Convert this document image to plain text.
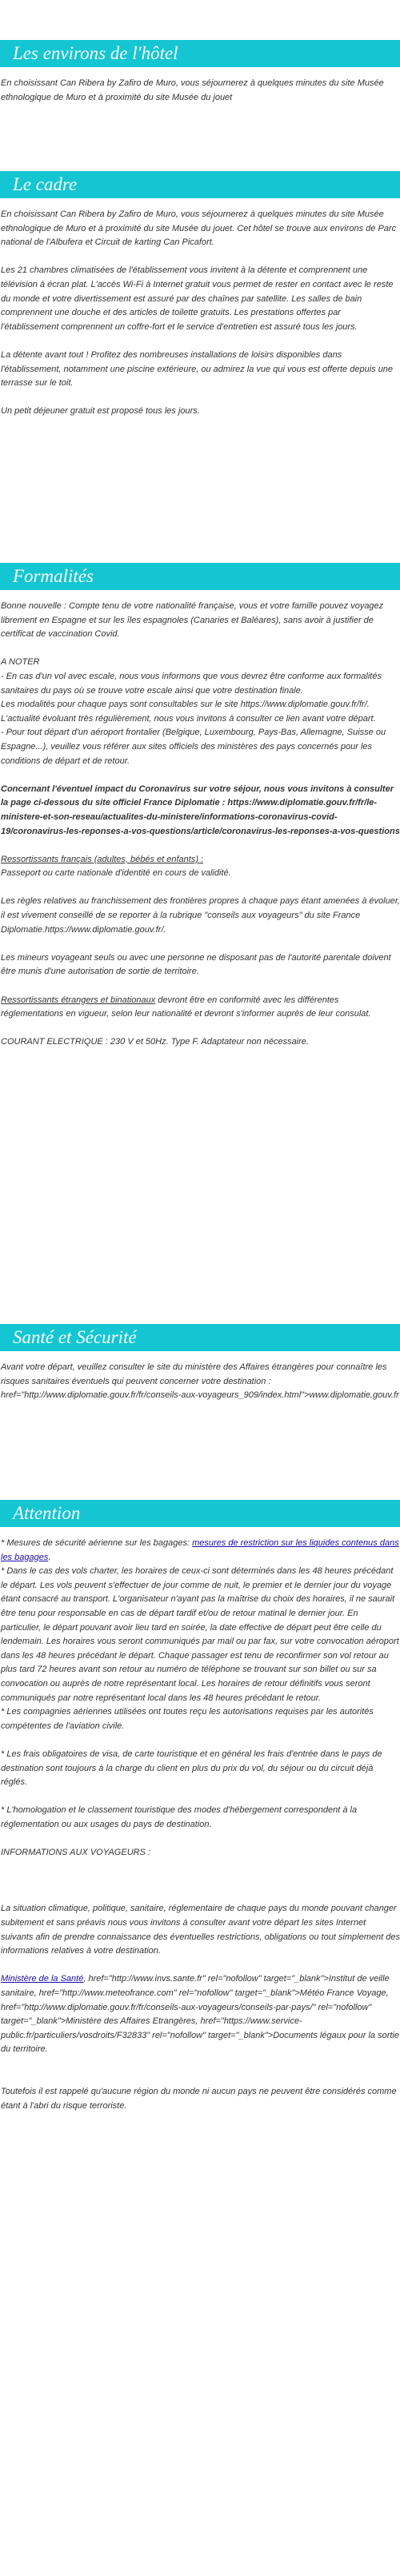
Les environs de l'hôtel

En choisissant Can Ribera by Zafiro de Muro, vous séjournerez à quelques minutes du site Musée ethnologique de Muro et à proximité du site Musée du jouet

Le cadre

En choisissant Can Ribera by Zafiro de Muro, vous séjournerez à quelques minutes du site Musée ethnologique de Muro et à proximité du site Musée du jouet. Cet hôtel se trouve aux environs de Parc national de l'Albufera et Circuit de karting Can Picafort.

Les 21 chambres climatisées de l'établissement vous invitent à la détente et comprennent une télévision à écran plat. L'accès Wi-Fi à Internet gratuit vous permet de rester en contact avec le reste du monde et votre divertissement est assuré par des chaînes par satellite. Les salles de bain comprennent une douche et des articles de toilette gratuits. Les prestations offertes par l'établissement comprennent un coffre-fort et le service d'entretien est assuré tous les jours.

La détente avant tout ! Profitez des nombreuses installations de loisirs disponibles dans l'établissement, notamment une piscine extérieure, ou admirez la vue qui vous est offerte depuis une terrasse sur le toit.

Un petit déjeuner gratuit est proposé tous les jours.

Formalités

Bonne nouvelle : Compte tenu de votre nationalité française, vous et votre famille pouvez voyagez librement en Espagne et sur les îles espagnoles (Canaries et Baléares), sans avoir à justifier de certificat de vaccination Covid.

A NOTER

- En cas d'un vol avec escale, nous vous informons que vous devrez être conforme aux formalités sanitaires du pays où se trouve votre escale ainsi que votre destination finale.

Les modalités pour chaque pays sont consultables sur le site https://www.diplomatie.gouv.fr/fr/. L'actualité évoluant très régulièrement, nous vous invitons à consulter ce lien avant votre départ.

- Pour tout départ d'un aéroport frontalier (Belgique, Luxembourg, Pays-Bas, Allemagne, Suisse ou Espagne...), veuillez vous référer aux sites officiels des ministères des pays concernés pour les conditions de départ et de retour.

Concernant l'éventuel impact du Coronavirus sur votre séjour, nous vous invitons à consulter la page ci-dessous du site officiel France Diplomatie : https://www.diplomatie.gouv.fr/fr/le-ministere-et-son-reseau/actualites-du-ministere/informations-coronavirus-covid-19/coronavirus-les-reponses-a-vos-questions/article/coronavirus-les-reponses-a-vos-questions

Ressortissants français (adultes, bébés et enfants) :

Passeport ou carte nationale d'identité en cours de validité.

Les règles relatives au franchissement des frontières propres à chaque pays étant amenées à évoluer, il est vivement conseillé de se reporter à la rubrique "conseils aux voyageurs" du site France Diplomatie.https://www.diplomatie.gouv.fr/.

Les mineurs voyageant seuls ou avec une personne ne disposant pas de l'autorité parentale doivent être munis d'une autorisation de sortie de territoire.

Ressortissants étrangers et binationaux devront être en conformité avec les différentes réglementations en vigueur, selon leur nationalité et devront s'informer auprès de leur consulat.

COURANT ELECTRIQUE : 230 V et 50Hz. Type F. Adaptateur non nécessaire.

Santé et Sécurité

Avant votre départ, veuillez consulter le site du ministère des Affaires étrangères pour connaître les risques sanitaires éventuels qui peuvent concerner votre destination : href="http://www.diplomatie.gouv.fr/fr/conseils-aux-voyageurs_909/index.html">www.diplomatie.gouv.fr

Attention

* Mesures de sécurité aérienne sur les bagages: mesures de restriction sur les liquides contenus dans les bagages.

* Dans le cas des vols charter, les horaires de ceux-ci sont déterminés dans les 48 heures précédant le départ. Les vols peuvent s'effectuer de jour comme de nuit, le premier et le dernier jour du voyage étant consacré au transport. L'organisateur n'ayant pas la maîtrise du choix des horaires, il ne saurait être tenu pour responsable en cas de départ tardif et/ou de retour matinal le dernier jour. En particulier, le départ pouvant avoir lieu tard en soirée, la date effective de départ peut être celle du lendemain. Les horaires vous seront communiqués par mail ou par fax, sur votre convocation aéroport dans les 48 heures précédant le départ. Chaque passager est tenu de reconfirmer son vol retour au plus tard 72 heures avant son retour au numéro de téléphone se trouvant sur son billet ou sur sa convocation ou auprès de notre représentant local. Les horaires de retour définitifs vous seront communiqués par notre représentant local dans les 48 heures précédant le retour.

* Les compagnies aériennes utilisées ont toutes reçu les autorisations requises par les autorités compétentes de l'aviation civile.

* Les frais obligatoires de visa, de carte touristique et en général les frais d'entrée dans le pays de destination sont toujours à la charge du client en plus du prix du vol, du séjour ou du circuit déjà réglés.

* L'homologation et le classement touristique des modes d'hébergement correspondent à la réglementation ou aux usages du pays de destination.

INFORMATIONS AUX VOYAGEURS :

La situation climatique, politique, sanitaire, réglementaire de chaque pays du monde pouvant changer subitement et sans préavis nous vous invitons à consulter avant votre départ les sites Internet suivants afin de prendre connaissance des éventuelles restrictions, obligations ou tout simplement des informations relatives à votre destination.

Ministère de la Santé, href="http://www.invs.sante.fr" rel="nofollow" target="_blank">Institut de veille sanitaire, href="http://www.meteofrance.com" rel="nofollow" target="_blank">Météo France Voyage, href="http://www.diplomatie.gouv.fr/fr/conseils-aux-voyageurs/conseils-par-pays/" rel="nofollow" target="_blank">Ministère des Affaires Etrangères, href="https://www.service-public.fr/particuliers/vosdroits/F32833" rel="nofollow" target="_blank">Documents légaux pour la sortie du territoire.

Toutefois il est rappelé qu'aucune région du monde ni aucun pays ne peuvent être considérés comme étant à l'abri du risque terroriste.
